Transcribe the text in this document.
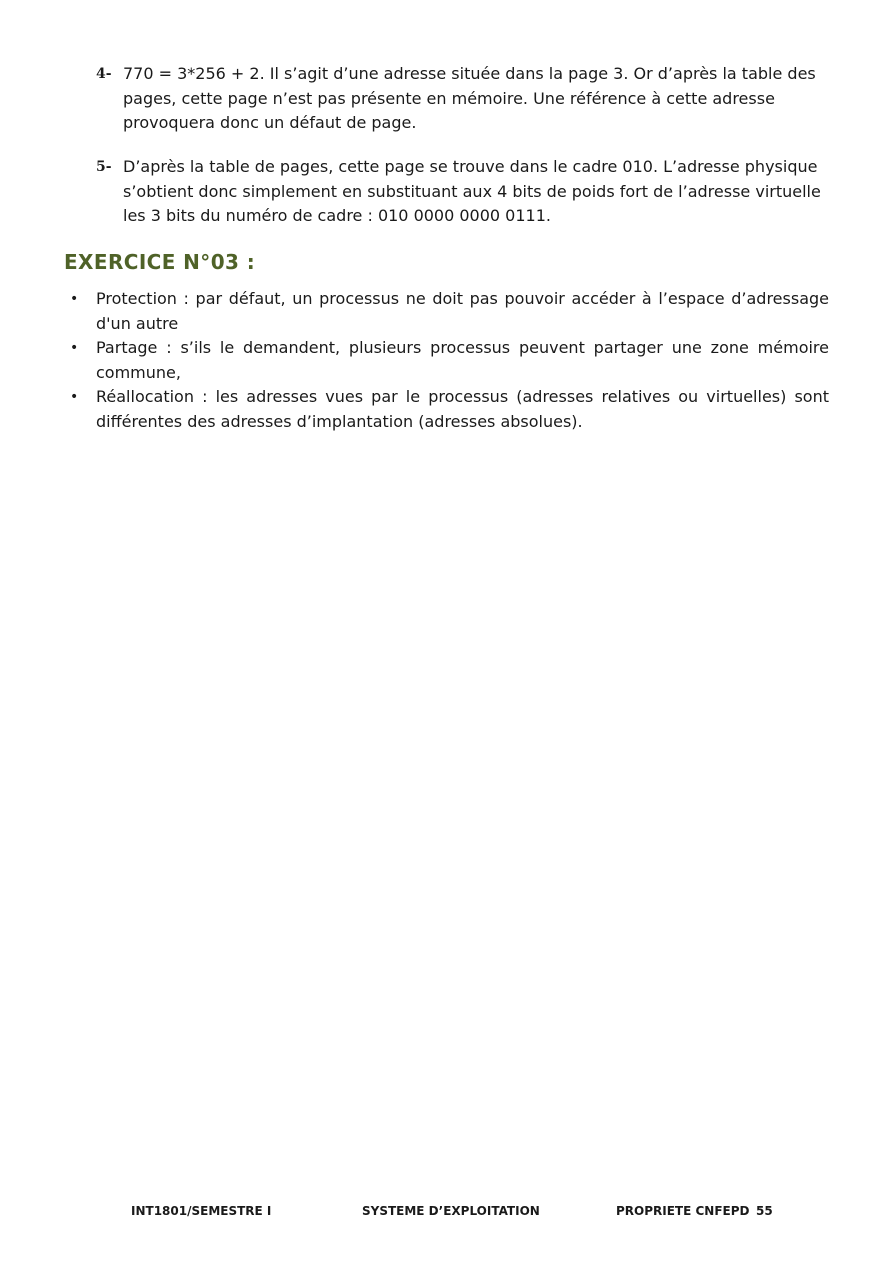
4- 770 = 3*256 + 2. Il s’agit d’une adresse située dans la page 3. Or d’après la table des pages, cette page n’est pas présente en mémoire. Une référence à cette adresse provoquera donc un défaut de page.
5- D’après la table de pages, cette page se trouve dans le cadre 010. L’adresse physique s’obtient donc simplement en substituant aux 4 bits de poids fort de l’adresse virtuelle les 3 bits du numéro de cadre : 010 0000 0000 0111.
EXERCICE N°03 :
• Protection : par défaut, un processus ne doit pas pouvoir accéder à l’espace d’adressage d'un autre
• Partage : s’ils le demandent, plusieurs processus peuvent partager une zone mémoire commune,
• Réallocation : les adresses vues par le processus (adresses relatives ou virtuelles) sont différentes des adresses d’implantation (adresses absolues).
INT1801/SEMESTRE I	SYSTEME D’EXPLOITATION	PROPRIETE CNFEPD 55
